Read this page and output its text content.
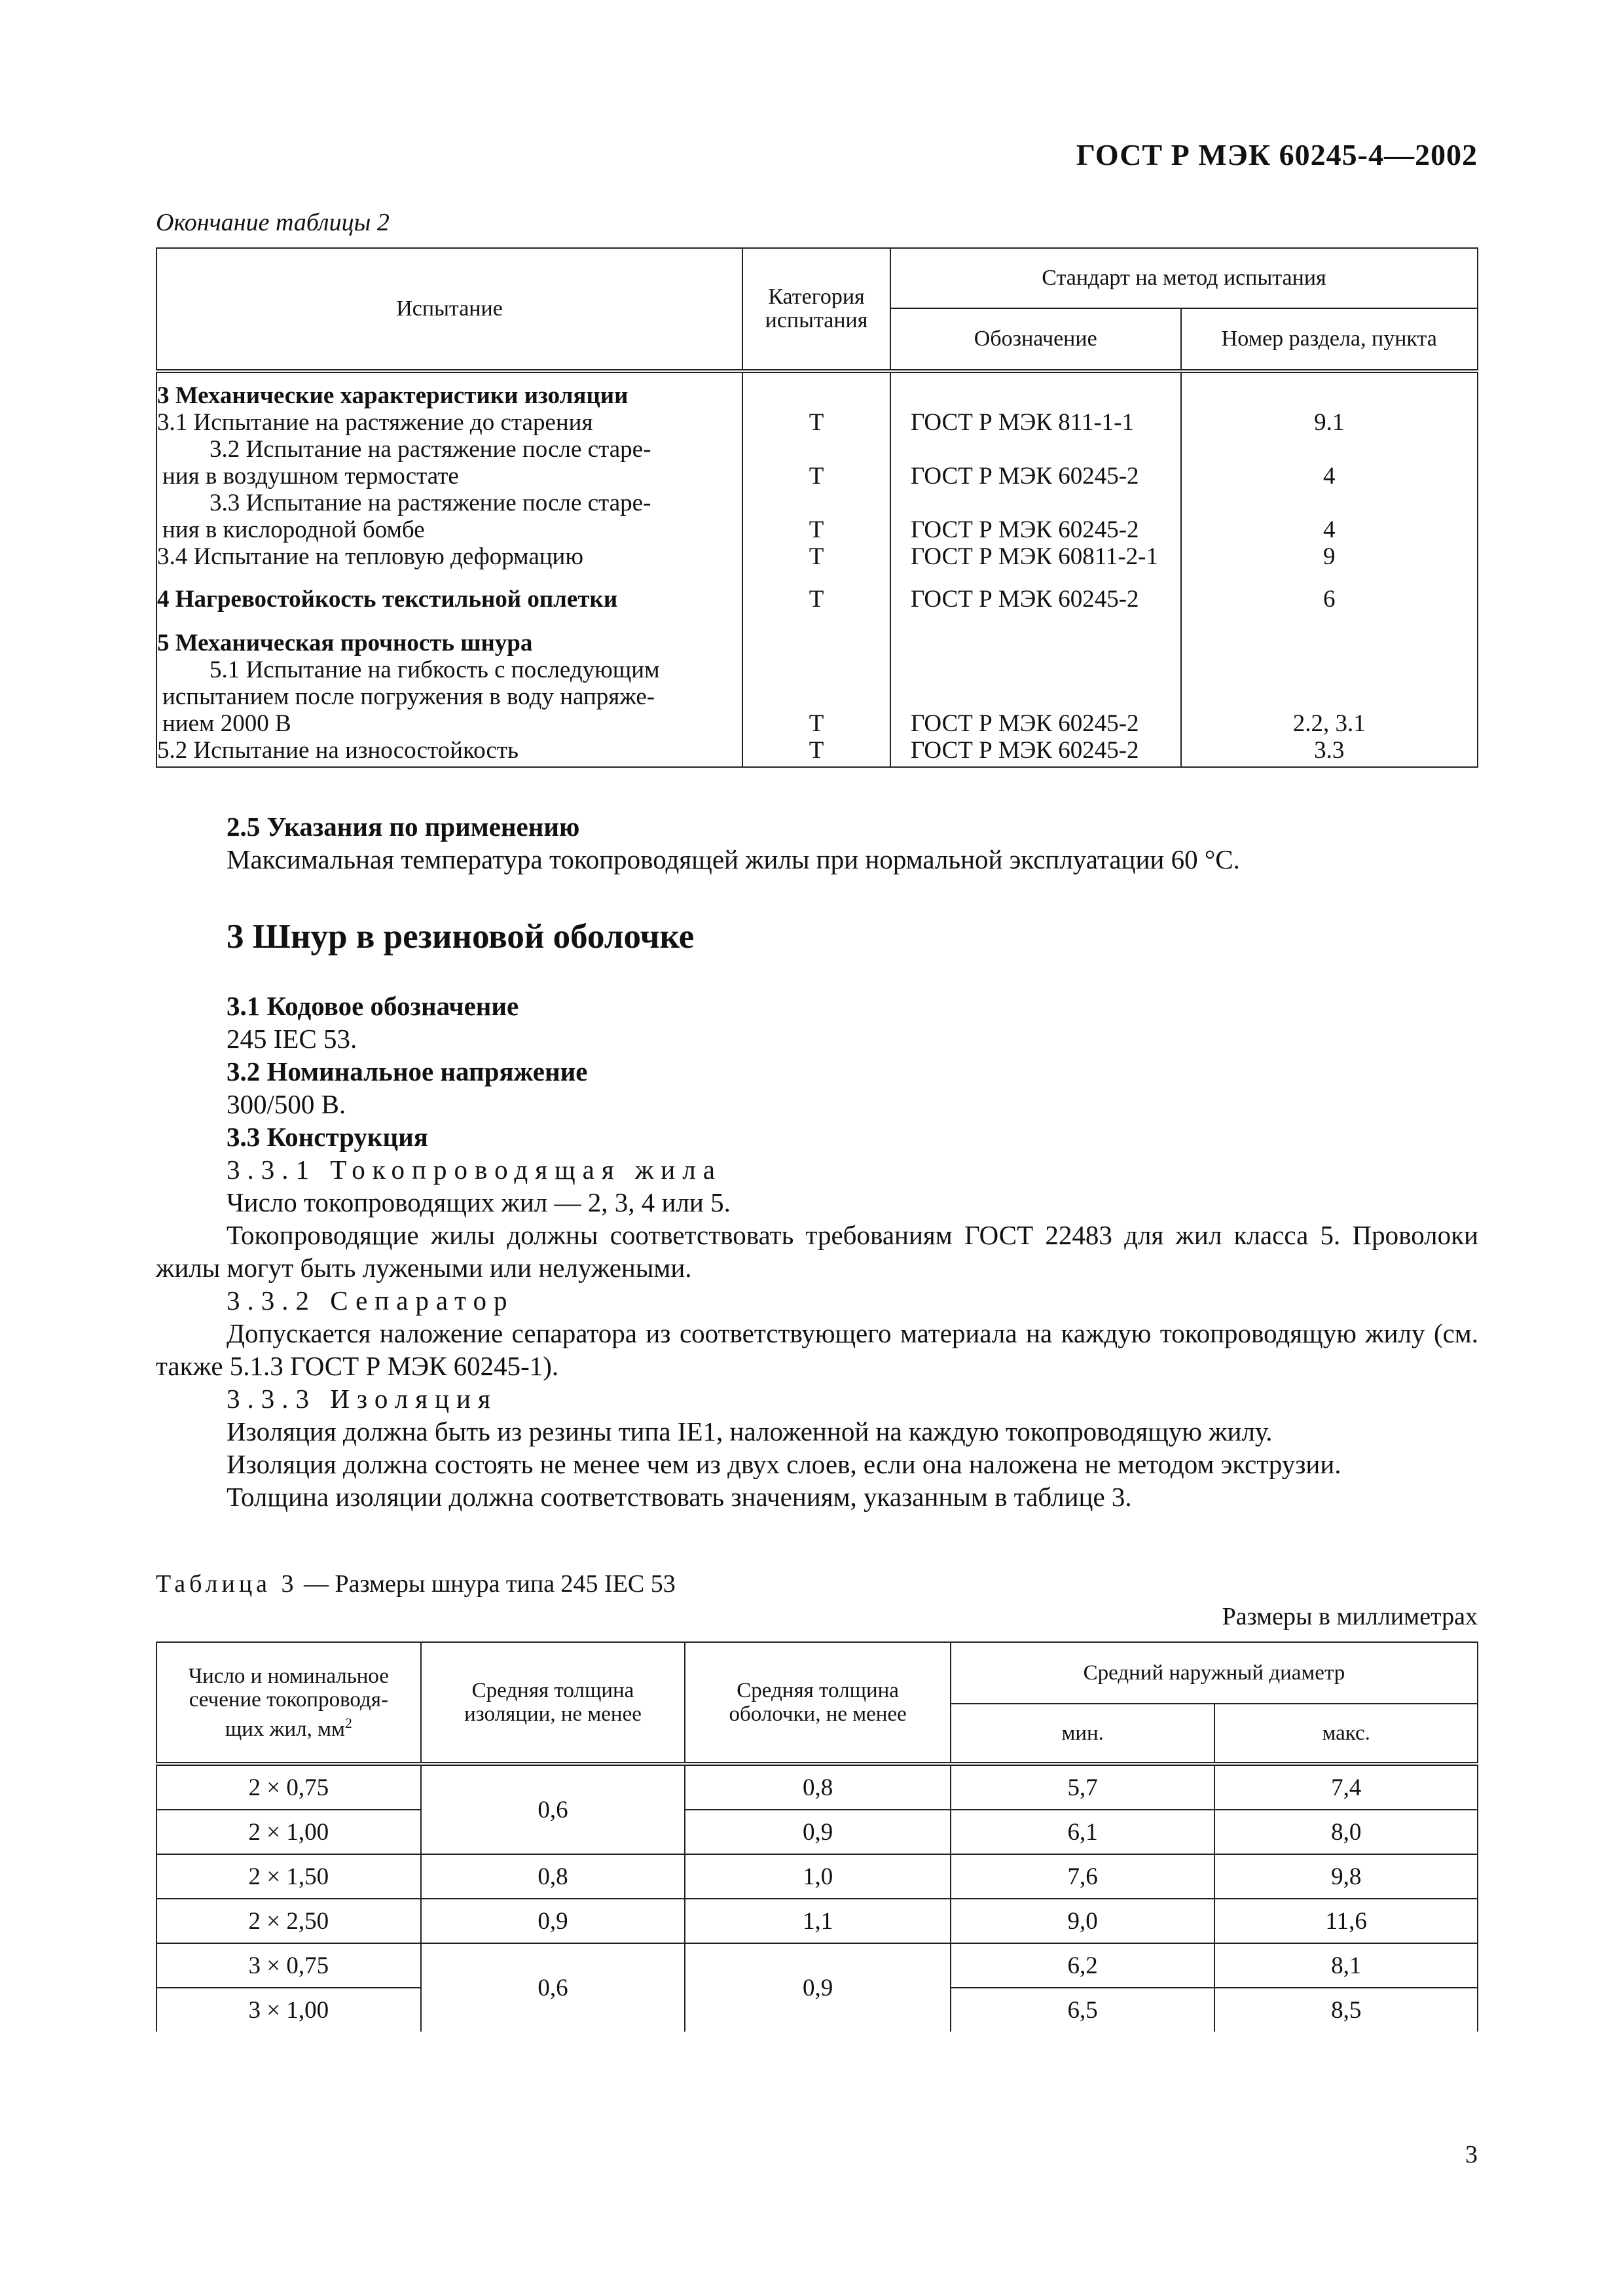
ГОСТ Р МЭК 60245-4—2002
Окончание таблицы 2
Испытание	Категория
испытания	Стандарт на метод испытания	
		Обозначение	Номер раздела, пункта
3 Механические характеристики изоляции			
3.1 Испытание на растяжение до старения	T	ГОСТ Р МЭК 811-1-1	9.1

3.2 Испытание на растяжение после старе-
ния в воздушном термостате	T	ГОСТ Р МЭК 60245-2	4

3.3 Испытание на растяжение после старе-
ния в кислородной бомбе	T	ГОСТ Р МЭК 60245-2	4
3.4 Испытание на тепловую деформацию	T	ГОСТ Р МЭК 60811-2-1	9
4 Нагревостойкость текстильной оплетки	T	ГОСТ Р МЭК 60245-2	6
5 Механическая прочность шнура			

5.1 Испытание на гибкость с последующим
испытанием после погружения в воду напряже-
нием 2000 В	T	ГОСТ Р МЭК 60245-2	2.2, 3.1
5.2 Испытание на износостойкость	T	ГОСТ Р МЭК 60245-2	3.3
2.5 Указания по применению
Максимальная температура токопроводящей жилы при нормальной эксплуатации 60 °C.
3 Шнур в резиновой оболочке
3.1 Кодовое обозначение
245 IEC 53.
3.2 Номинальное напряжение
300/500 В.
3.3 Конструкция
3.3.1 Токопроводящая жила
Число токопроводящих жил — 2, 3, 4 или 5.
Токопроводящие жилы должны соответствовать требованиям ГОСТ 22483 для жил класса 5. Проволоки жилы могут быть лужеными или нелужеными.
3.3.2 Сепаратор
Допускается наложение сепаратора из соответствующего материала на каждую токопроводящую жилу (см. также 5.1.3 ГОСТ Р МЭК 60245-1).
3.3.3 Изоляция
Изоляция должна быть из резины типа IE1, наложенной на каждую токопроводящую жилу.
Изоляция должна состоять не менее чем из двух слоев, если она наложена не методом экструзии.
Толщина изоляции должна соответствовать значениям, указанным в таблице 3.
Таблица 3 — Размеры шнура типа 245 IEC 53
Размеры в миллиметрах
Число и номинальное
сечение токопроводя-
щих жил, $мм^2$	Средняя толщина
изоляции, не менее	Средняя толщина
оболочки, не менее	Средний наружный диаметр	
			мин.	макс.
2 × 0,75	0,6	0,8	5,7	7,4
2 × 1,00		0,9	6,1	8,0
2 × 1,50	0,8	1,0	7,6	9,8
2 × 2,50	0,9	1,1	9,0	11,6
3 × 0,75	0,6	0,9	6,2	8,1
3 × 1,00			6,5	8,5
3
